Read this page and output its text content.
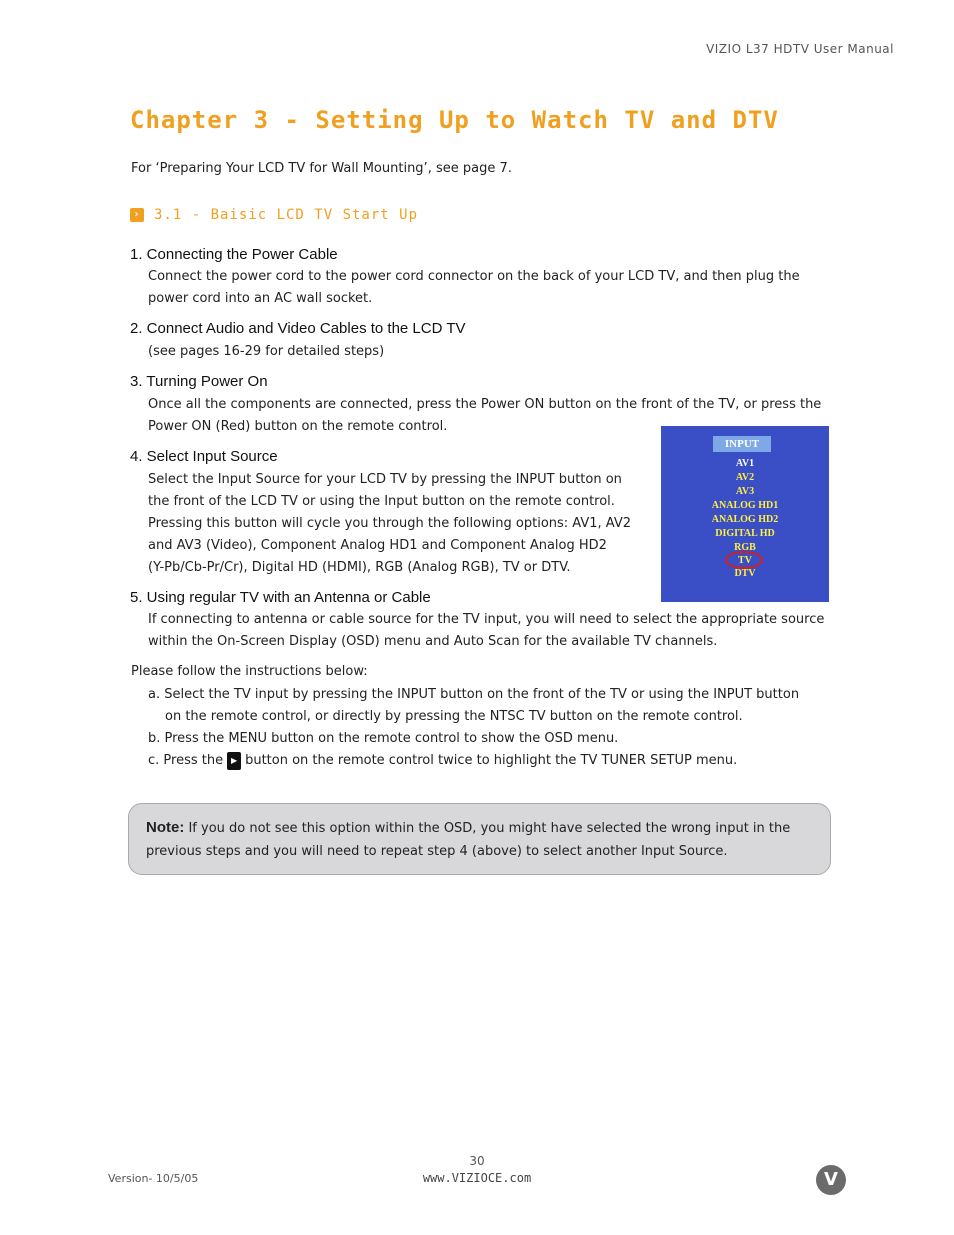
VIZIO L37 HDTV User Manual
Chapter 3 - Setting Up to Watch TV and DTV
For ‘Preparing Your LCD TV for Wall Mounting’, see page 7.
›	3.1 - Baisic LCD TV Start Up
1. Connecting the Power Cable
Connect the power cord to the power cord connector on the back of your LCD TV, and then plug the
power cord into an AC wall socket.
2. Connect Audio and Video Cables to the LCD TV
(see pages 16-29 for detailed steps)
3. Turning Power On
Once all the components are connected, press the Power ON button on the front of the TV, or press the
Power ON (Red) button on the remote control.
4. Select Input Source
Select the Input Source for your LCD TV by pressing the INPUT button on
the front of the LCD TV or using the Input button on the remote control.
Pressing this button will cycle you through the following options: AV1, AV2
and AV3 (Video), Component Analog HD1 and Component Analog HD2
(Y-Pb/Cb-Pr/Cr), Digital HD (HDMI), RGB (Analog RGB), TV or DTV.
INPUT
AV1
AV2
AV3
ANALOG HD1
ANALOG HD2
DIGITAL HD
RGB
TV
DTV
5. Using regular TV with an Antenna or Cable
If connecting to antenna or cable source for the TV input, you will need to select the appropriate source
within the On-Screen Display (OSD) menu and Auto Scan for the available TV channels.
Please follow the instructions below:
a. Select the TV input by pressing the INPUT button on the front of the TV or using the INPUT button
on the remote control, or directly by pressing the NTSC TV button on the remote control.
b. Press the MENU button on the remote control to show the OSD menu.
c. Press the ▶ button on the remote control twice to highlight the TV TUNER SETUP menu.
Note: If you do not see this option within the OSD, you might have selected the wrong input in the previous steps and you will need to repeat step 4 (above) to select another Input Source.
30
Version- 10/5/05	www.VIZIOCE.com	V
